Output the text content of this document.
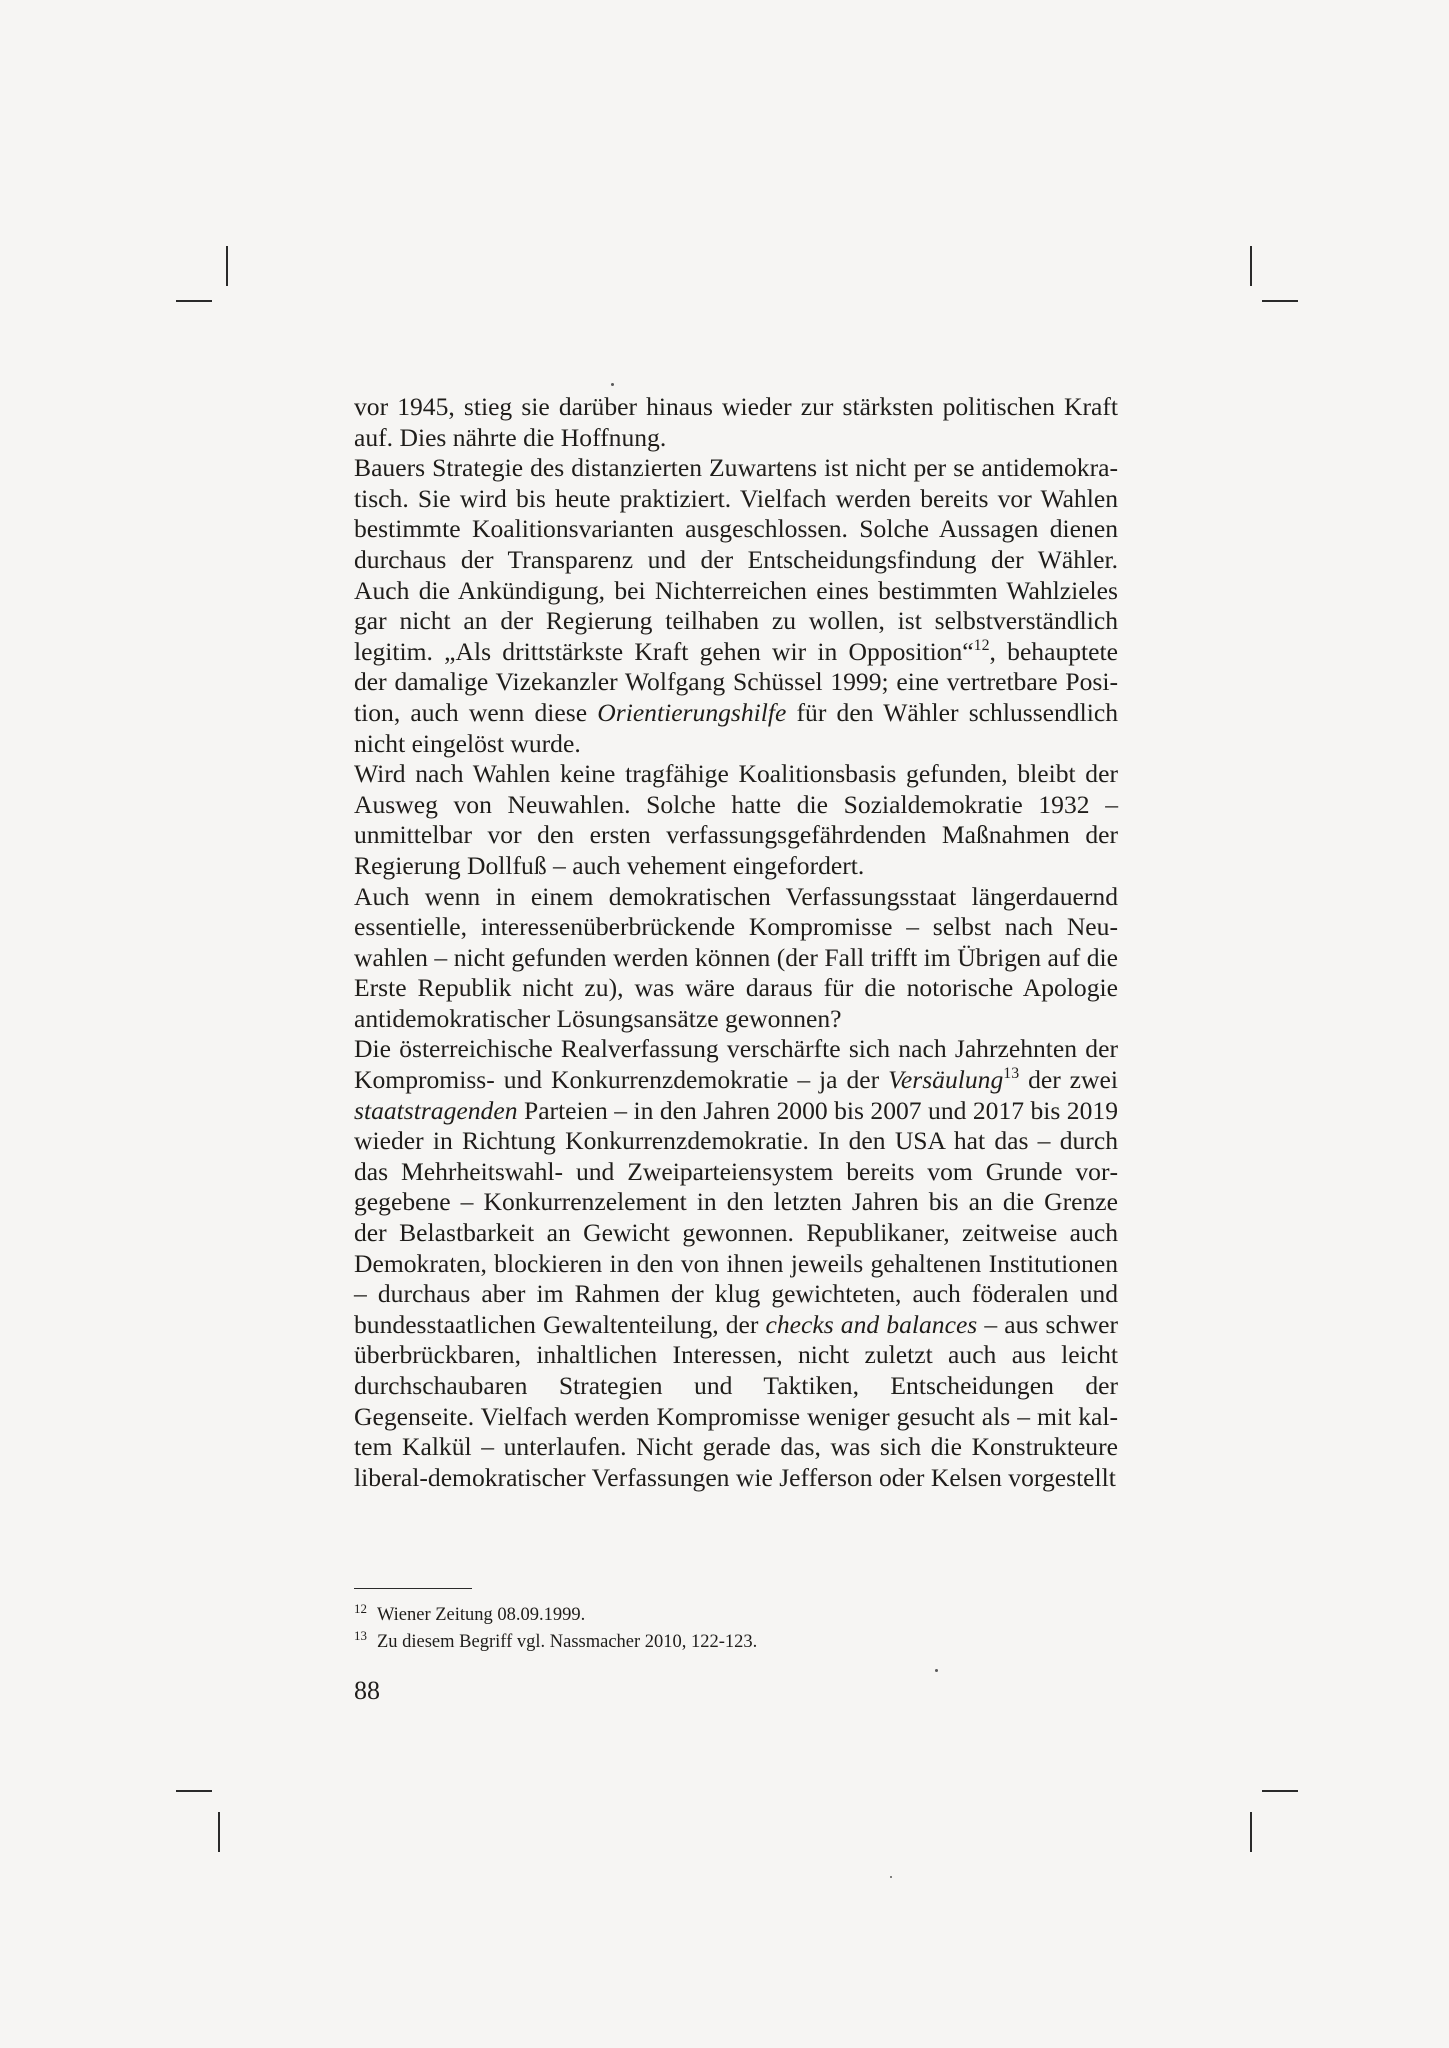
vor 1945, stieg sie darüber hinaus wieder zur stärksten politischen Kraft auf. Dies nährte die Hoffnung.

Bauers Strategie des distanzierten Zuwartens ist nicht per se antidemokratisch. Sie wird bis heute praktiziert. Vielfach werden bereits vor Wahlen bestimmte Koalitionsvarianten ausgeschlossen. Solche Aussagen dienen durchaus der Transparenz und der Entscheidungsfindung der Wähler. Auch die Ankündigung, bei Nichterreichen eines bestimmten Wahlzieles gar nicht an der Regierung teilhaben zu wollen, ist selbstverständlich legitim. „Als drittstärkste Kraft gehen wir in Opposition“$^{12}$, behauptete der damalige Vizekanzler Wolfgang Schüssel 1999; eine vertretbare Position, auch wenn diese Orientierungshilfe für den Wähler schlussendlich nicht eingelöst wurde.

Wird nach Wahlen keine tragfähige Koalitionsbasis gefunden, bleibt der Ausweg von Neuwahlen. Solche hatte die Sozialdemokratie 1932 – unmittelbar vor den ersten verfassungsgefährdenden Maßnahmen der Regierung Dollfuß – auch vehement eingefordert.

Auch wenn in einem demokratischen Verfassungsstaat längerdauernd essentielle, interessenüberbrückende Kompromisse – selbst nach Neuwahlen – nicht gefunden werden können (der Fall trifft im Übrigen auf die Erste Republik nicht zu), was wäre daraus für die notorische Apologie antidemokratischer Lösungsansätze gewonnen?

Die österreichische Realverfassung verschärfte sich nach Jahrzehnten der Kompromiss- und Konkurrenzdemokratie – ja der Versäulung$^{13}$ der zwei staatstragenden Parteien – in den Jahren 2000 bis 2007 und 2017 bis 2019 wieder in Richtung Konkurrenzdemokratie. In den USA hat das – durch das Mehrheitswahl- und Zweiparteiensystem bereits vom Grunde vorgegebene – Konkurrenzelement in den letzten Jahren bis an die Grenze der Belastbarkeit an Gewicht gewonnen. Republikaner, zeitweise auch Demokraten, blockieren in den von ihnen jeweils gehaltenen Institutionen – durchaus aber im Rahmen der klug gewichteten, auch föderalen und bundesstaatlichen Gewaltenteilung, der checks and balances – aus schwer überbrückbaren, inhaltlichen Interessen, nicht zuletzt auch aus leicht durchschaubaren Strategien und Taktiken, Entscheidungen der Gegenseite. Vielfach werden Kompromisse weniger gesucht als – mit kaltem Kalkül – unterlaufen. Nicht gerade das, was sich die Konstrukteure liberal-demokratischer Verfassungen wie Jefferson oder Kelsen vorgestellt

$^{12}$ Wiener Zeitung 08.09.1999.

$^{13}$ Zu diesem Begriff vgl. Nassmacher 2010, 122-123.

88
